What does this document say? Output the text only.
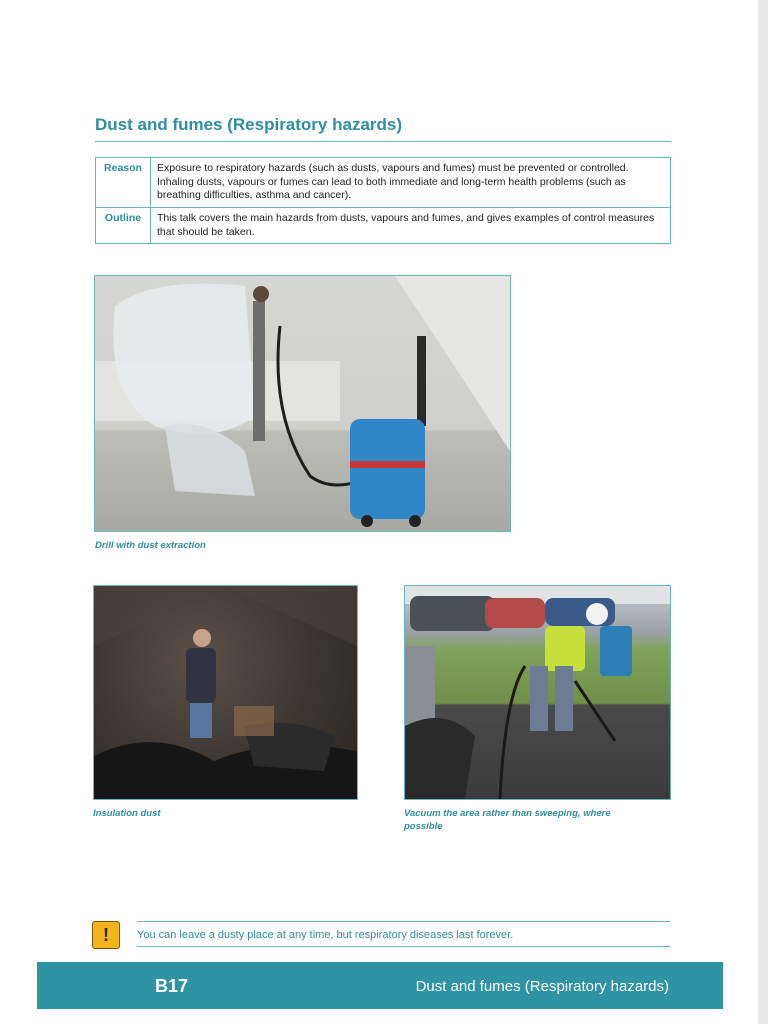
Dust and fumes (Respiratory hazards)
Reason	Exposure to respiratory hazards (such as dusts, vapours and fumes) must be prevented or controlled. Inhaling dusts, vapours or fumes can lead to both immediate and long-term health problems (such as breathing difficulties, asthma and cancer).
Outline	This talk covers the main hazards from dusts, vapours and fumes, and gives examples of control measures that should be taken.
Drill with dust extraction
Insulation dust	Vacuum the area rather than sweeping, where possible
!	You can leave a dusty place at any time, but respiratory diseases last forever.
B17	Dust and fumes (Respiratory hazards)
